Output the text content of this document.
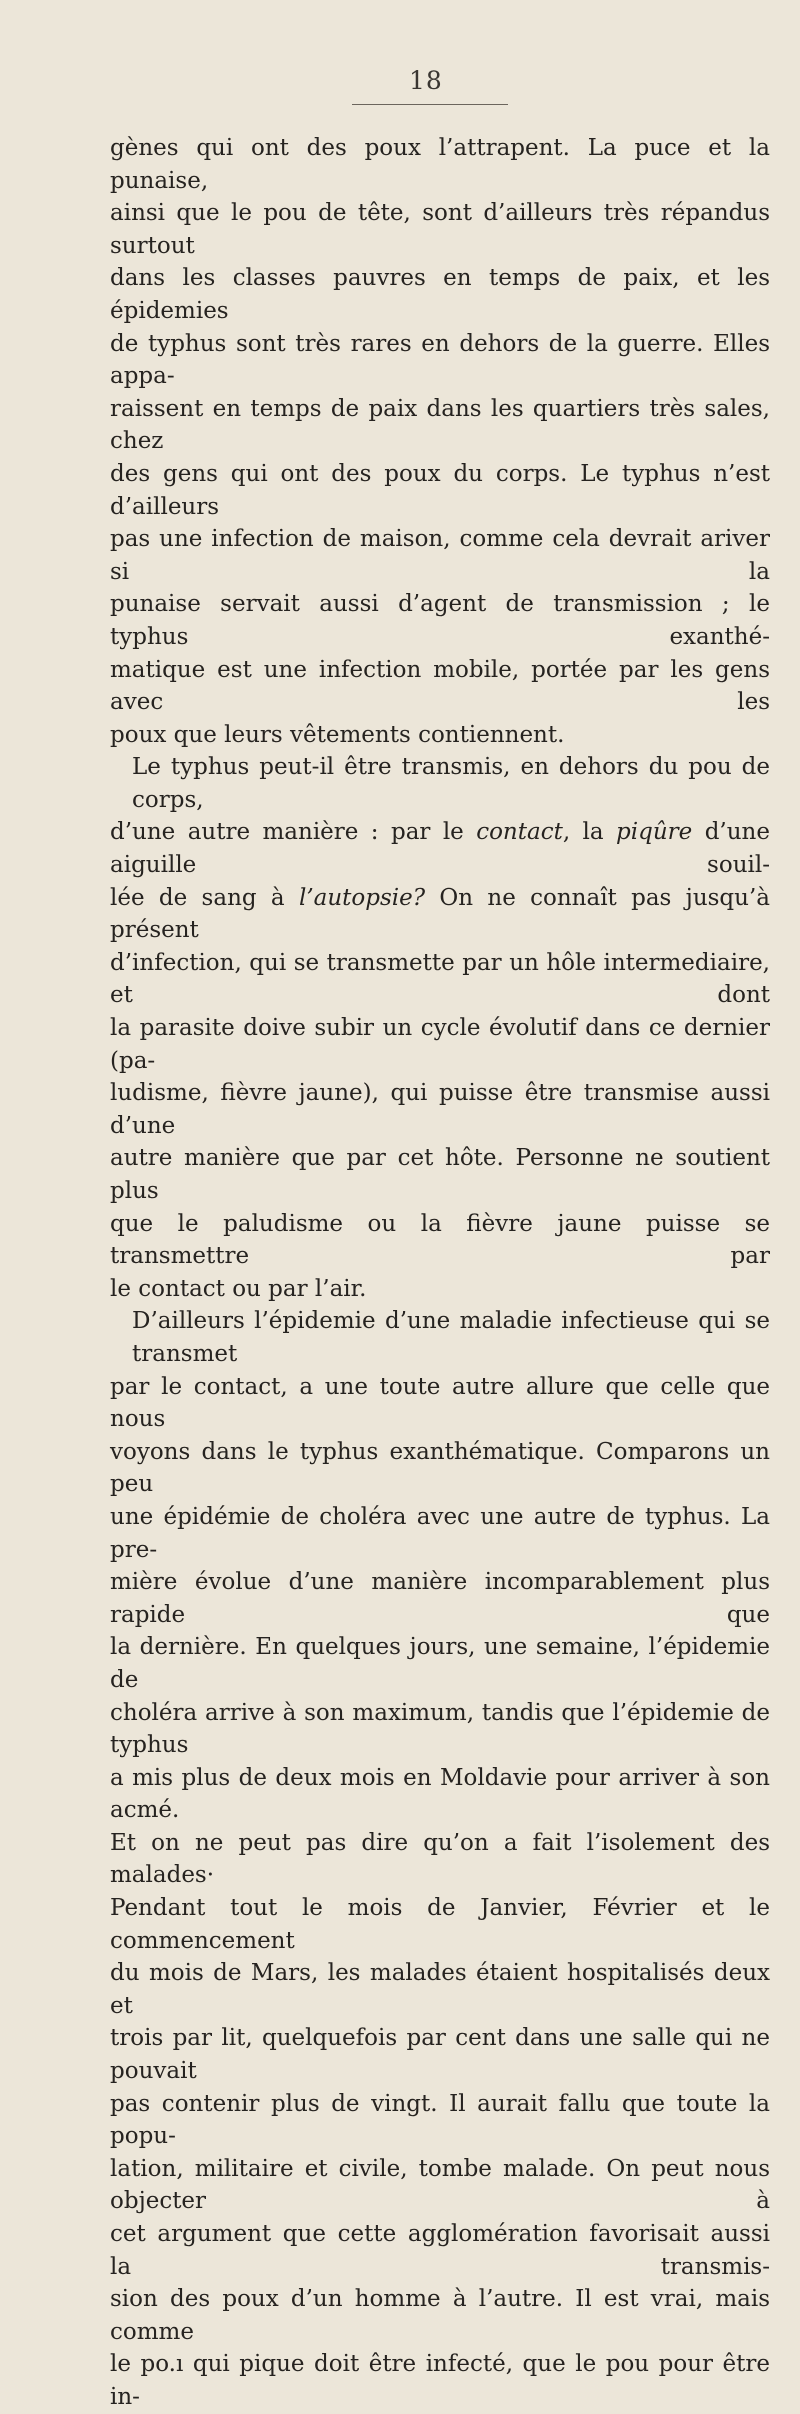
18

gènes qui ont des poux l’attrapent. La puce et la punaise,

ainsi que le pou de tête, sont d’ailleurs très répandus surtout

dans les classes pauvres en temps de paix, et les épidemies

de typhus sont très rares en dehors de la guerre. Elles appa-

raissent en temps de paix dans les quartiers très sales, chez

des gens qui ont des poux du corps. Le typhus n’est d’ailleurs

pas une infection de maison, comme cela devrait ariver si la

punaise servait aussi d’agent de transmission ; le typhus exanthé-

matique est une infection mobile, portée par les gens avec les

poux que leurs vêtements contiennent.

Le typhus peut-il être transmis, en dehors du pou de corps,

d’une autre manière : par le contact, la piqûre d’une aiguille souil-

lée de sang à l’autopsie? On ne connaît pas jusqu’à présent

d’infection, qui se transmette par un hôle intermediaire, et dont

la parasite doive subir un cycle évolutif dans ce dernier (pa-

ludisme, fièvre jaune), qui puisse être transmise aussi d’une

autre manière que par cet hôte. Personne ne soutient plus

que le paludisme ou la fièvre jaune puisse se transmettre par

le contact ou par l’air.

D’ailleurs l’épidemie d’une maladie infectieuse qui se transmet

par le contact, a une toute autre allure que celle que nous

voyons dans le typhus exanthématique. Comparons un peu

une épidémie de choléra avec une autre de typhus. La pre-

mière évolue d’une manière incomparablement plus rapide que

la dernière. En quelques jours, une semaine, l’épidemie de

choléra arrive à son maximum, tandis que l’épidemie de typhus

a mis plus de deux mois en Moldavie pour arriver à son acmé.

Et on ne peut pas dire qu’on a fait l’isolement des malades·

Pendant tout le mois de Janvier, Février et le commencement

du mois de Mars, les malades étaient hospitalisés deux et

trois par lit, quelquefois par cent dans une salle qui ne pouvait

pas contenir plus de vingt. Il aurait fallu que toute la popu-

lation, militaire et civile, tombe malade. On peut nous objecter à

cet argument que cette agglomération favorisait aussi la transmis-

sion des poux d’un homme à l’autre. Il est vrai, mais comme

le po.ı qui pique doit être infecté, que le pou pour être in-
